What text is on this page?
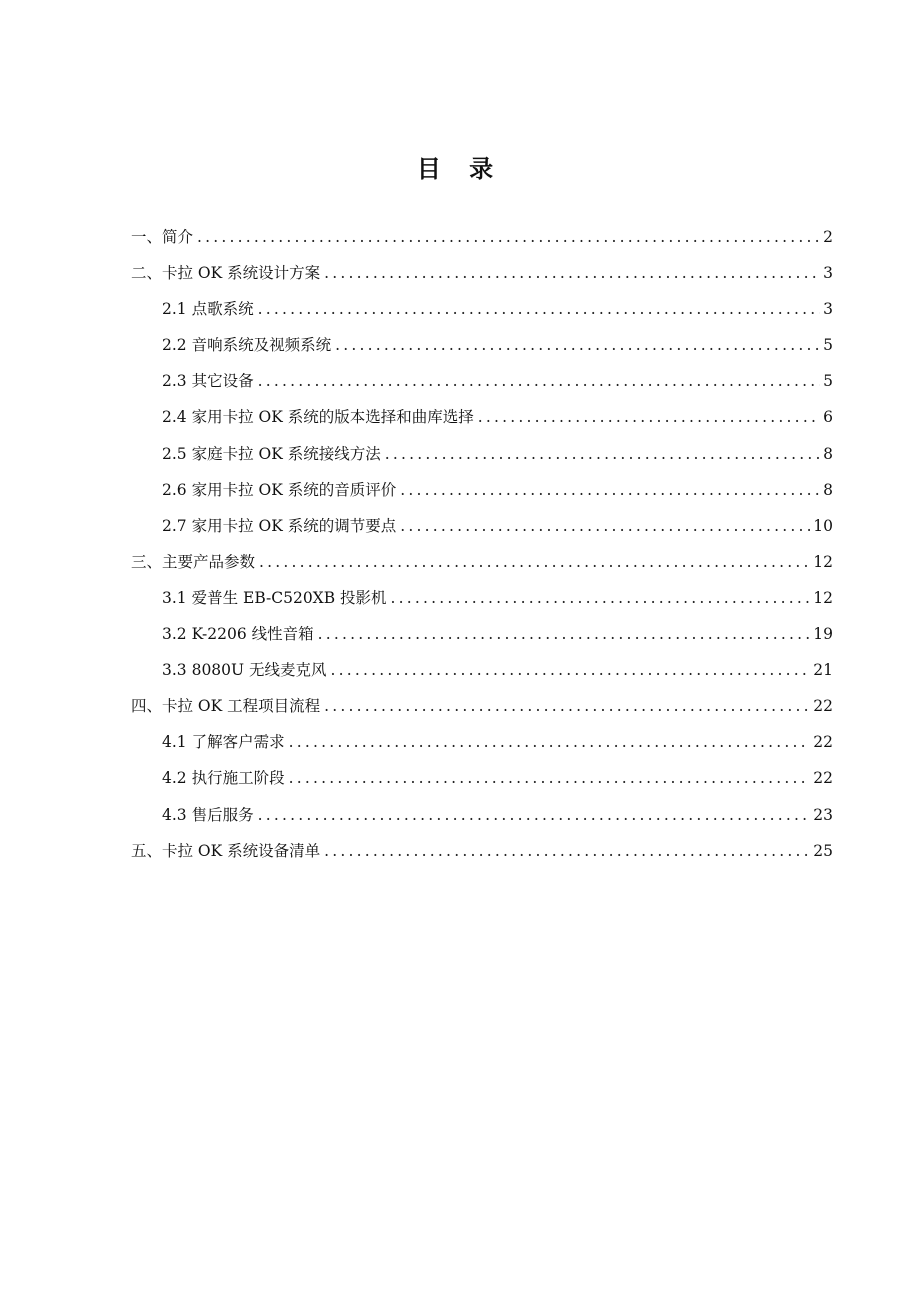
目 录
一、简介 .....	2
二、卡拉 OK 系统设计方案 .....	3
2.1 点歌系统 .....	3
2.2 音响系统及视频系统 .....	5
2.3 其它设备 .....	5
2.4 家用卡拉 OK 系统的版本选择和曲库选择 .....	6
2.5 家庭卡拉 OK 系统接线方法 .....	8
2.6 家用卡拉 OK 系统的音质评价 .....	8
2.7 家用卡拉 OK 系统的调节要点 .....	10
三、主要产品参数 .....	12
3.1 爱普生 EB-C520XB 投影机 .....	12
3.2 K-2206 线性音箱 .....	19
3.3 8080U 无线麦克风 .....	21
四、卡拉 OK 工程项目流程 .....	22
4.1 了解客户需求 .....	22
4.2 执行施工阶段 .....	22
4.3 售后服务 .....	23
五、卡拉 OK 系统设备清单 .....	25
